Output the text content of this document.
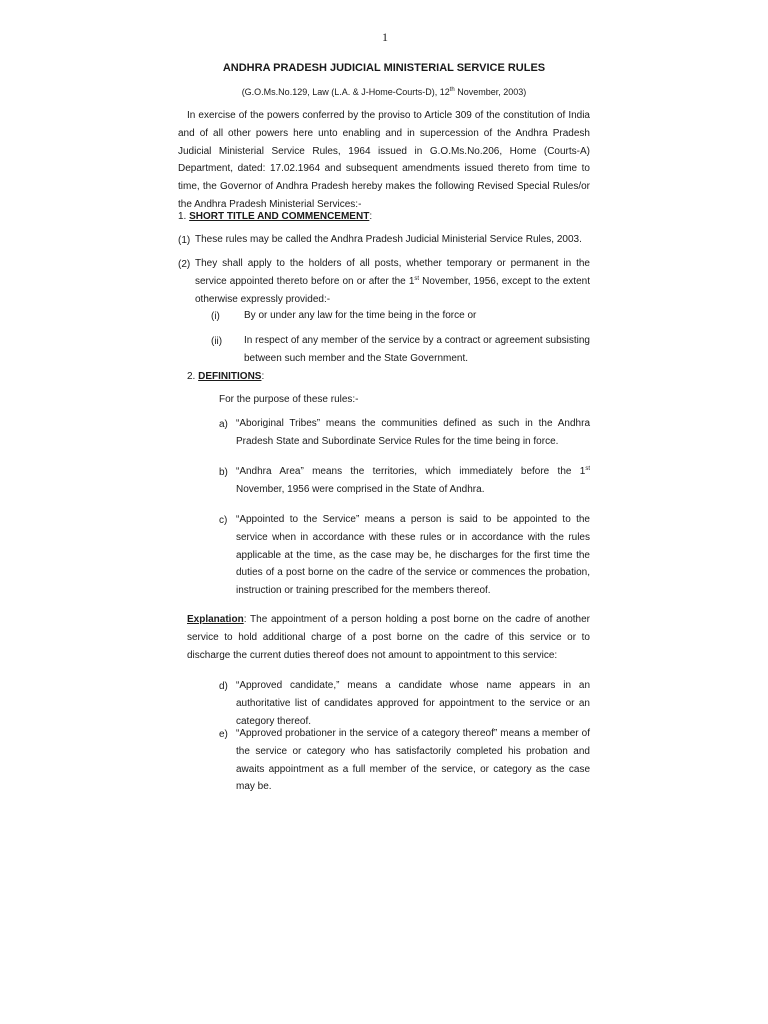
1
ANDHRA PRADESH JUDICIAL MINISTERIAL SERVICE RULES
(G.O.Ms.No.129, Law (L.A. & J-Home-Courts-D), 12th November, 2003)

In exercise of the powers conferred by the proviso to Article 309 of the constitution of India and of all other powers here unto enabling and in supercession of the Andhra Pradesh Judicial Ministerial Service Rules, 1964 issued in G.O.Ms.No.206, Home (Courts-A) Department, dated: 17.02.1964 and subsequent amendments issued thereto from time to time, the Governor of Andhra Pradesh hereby makes the following Revised Special Rules/or the Andhra Pradesh Ministerial Services:-

1. SHORT TITLE AND COMMENCEMENT:
(1) These rules may be called the Andhra Pradesh Judicial Ministerial Service Rules, 2003.

(2) They shall apply to the holders of all posts, whether temporary or permanent in the service appointed thereto before on or after the 1st November, 1956, except to the extent otherwise expressly provided:-

(i) By or under any law for the time being in the force or

(ii) In respect of any member of the service by a contract or agreement subsisting between such member and the State Government.

2. DEFINITIONS:
For the purpose of these rules:-
a) “Aboriginal Tribes” means the communities defined as such in the Andhra Pradesh State and Subordinate Service Rules for the time being in force.

b) “Andhra Area” means the territories, which immediately before the 1st November, 1956 were comprised in the State of Andhra.

c) “Appointed to the Service” means a person is said to be appointed to the service when in accordance with these rules or in accordance with the rules applicable at the time, as the case may be, he discharges for the first time the duties of a post borne on the cadre of the service or commences the probation, instruction or training prescribed for the members thereof.

Explanation: The appointment of a person holding a post borne on the cadre of another service to hold additional charge of a post borne on the cadre of this service or to discharge the current duties thereof does not amount to appointment to this service:

d) “Approved candidate,” means a candidate whose name appears in an authoritative list of candidates approved for appointment to the service or an category thereof.

e) “Approved probationer in the service of a category thereof” means a member of the service or category who has satisfactorily completed his probation and awaits appointment as a full member of the service, or category as the case may be.
